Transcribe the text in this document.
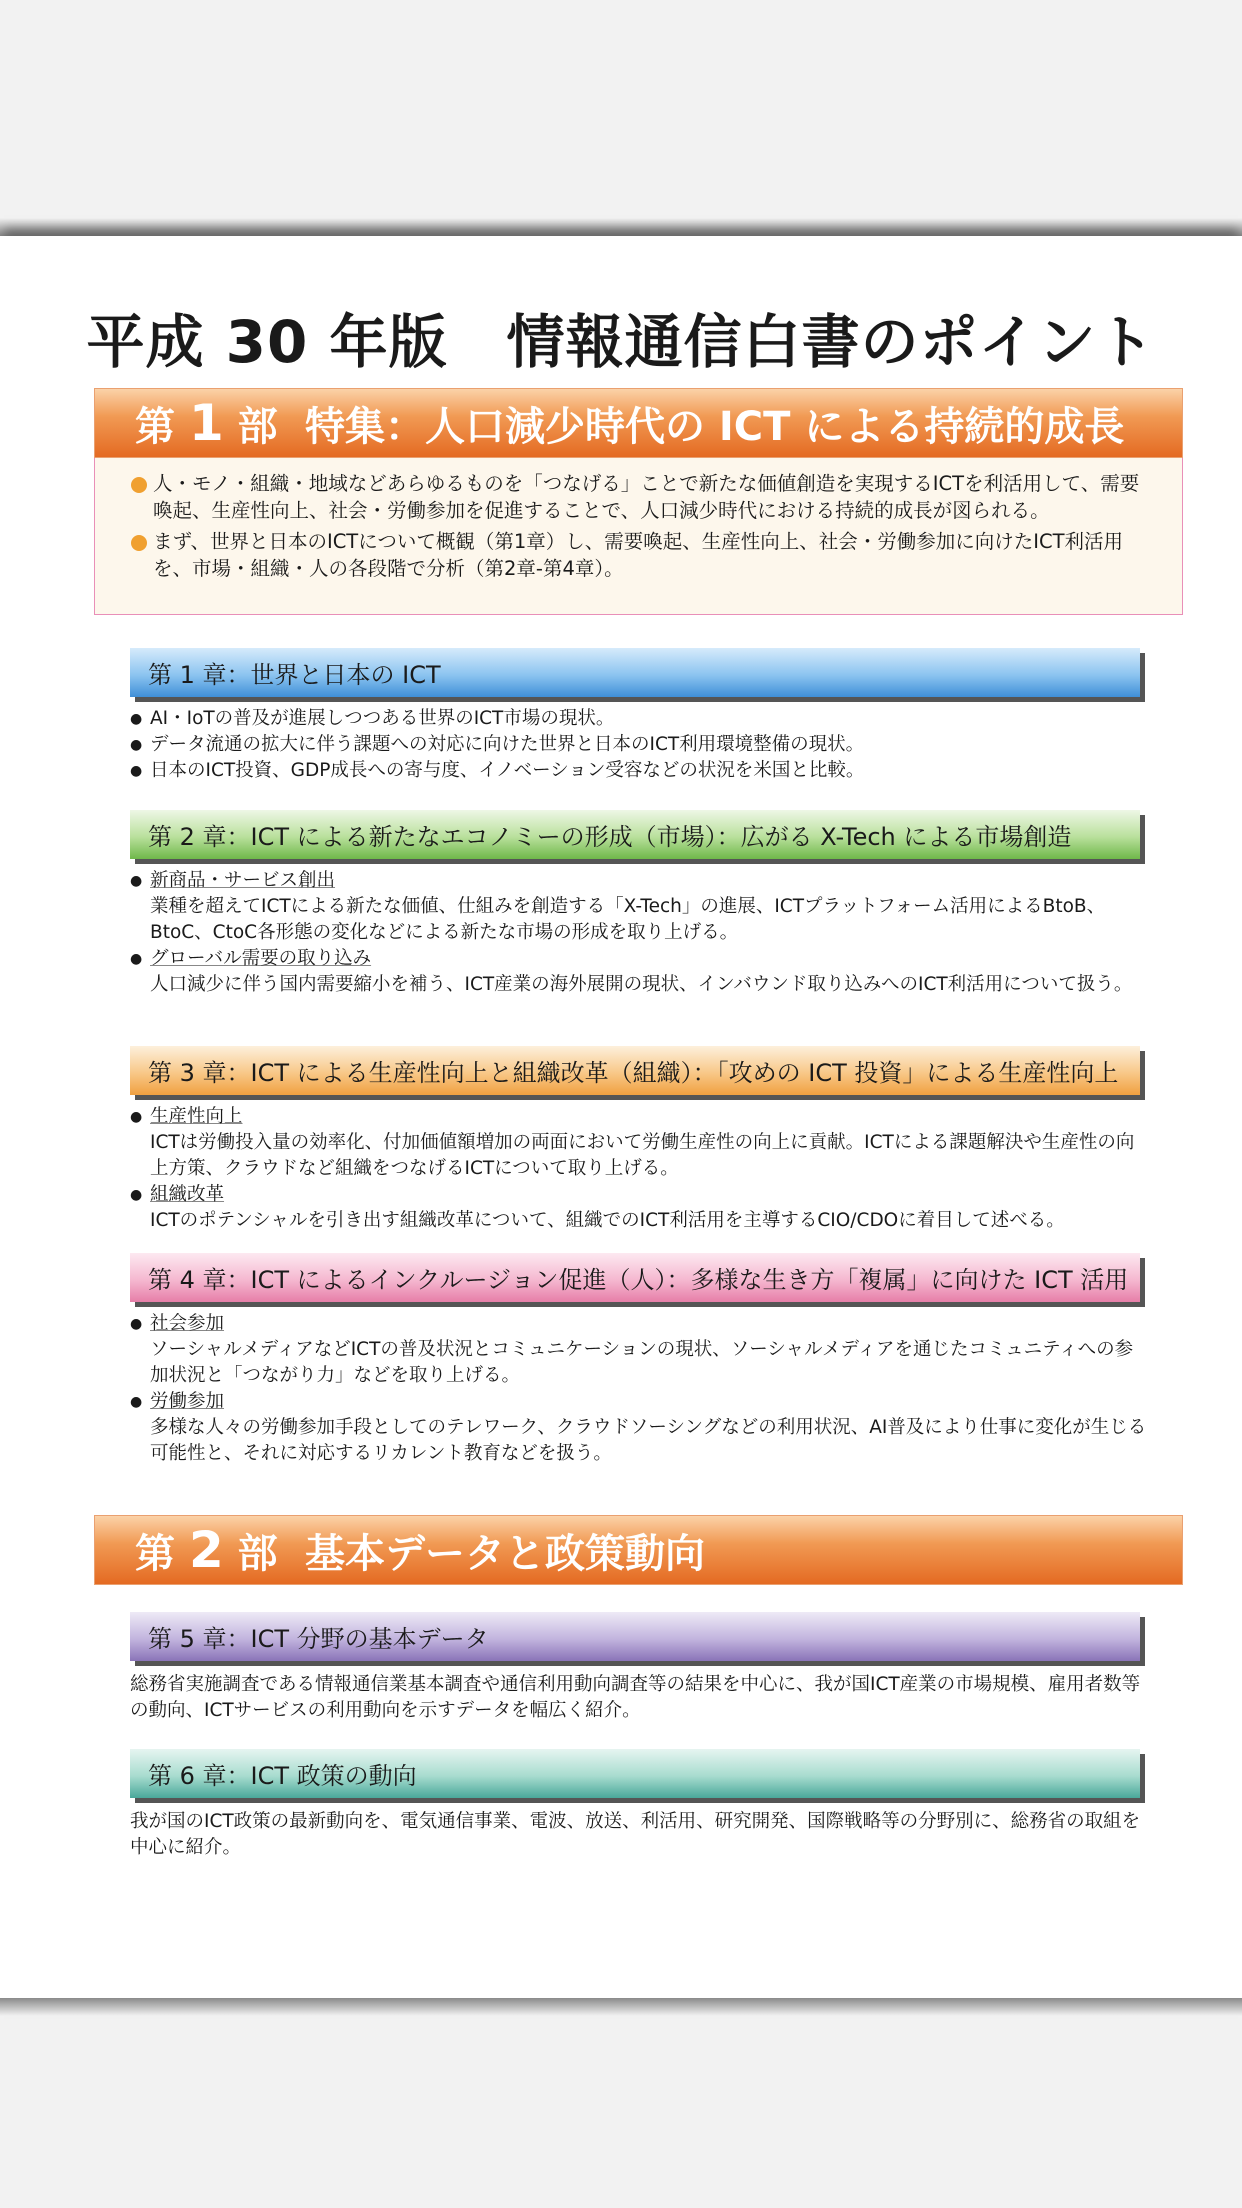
平成 30 年版　情報通信白書のポイント
第 1 部 特集：人口減少時代の ICT による持続的成長

人・モノ・組織・地域などあらゆるものを「つなげる」ことで新たな価値創造を実現するICTを利活用して、需要喚起、生産性向上、社会・労働参加を促進することで、人口減少時代における持続的成長が図られる。

まず、世界と日本のICTについて概観（第1章）し、需要喚起、生産性向上、社会・労働参加に向けたICT利活用を、市場・組織・人の各段階で分析（第2章-第4章）。

第 1 章：世界と日本の ICT
● AI・IoTの普及が進展しつつある世界のICT市場の現状。
● データ流通の拡大に伴う課題への対応に向けた世界と日本のICT利用環境整備の現状。
● 日本のICT投資、GDP成長への寄与度、イノベーション受容などの状況を米国と比較。
第 2 章：ICT による新たなエコノミーの形成（市場）：広がる X-Tech による市場創造
● 新商品・サービス創出
業種を超えてICTによる新たな価値、仕組みを創造する「X-Tech」の進展、ICTプラットフォーム活用によるBtoB、BtoC、CtoC各形態の変化などによる新たな市場の形成を取り上げる。
● グローバル需要の取り込み
人口減少に伴う国内需要縮小を補う、ICT産業の海外展開の現状、インバウンド取り込みへのICT利活用について扱う。
第 3 章：ICT による生産性向上と組織改革（組織）：「攻めの ICT 投資」による生産性向上
● 生産性向上
ICTは労働投入量の効率化、付加価値額増加の両面において労働生産性の向上に貢献。ICTによる課題解決や生産性の向上方策、クラウドなど組織をつなげるICTについて取り上げる。
● 組織改革
ICTのポテンシャルを引き出す組織改革について、組織でのICT利活用を主導するCIO/CDOに着目して述べる。
第 4 章：ICT によるインクルージョン促進（人）：多様な生き方「複属」に向けた ICT 活用
● 社会参加
ソーシャルメディアなどICTの普及状況とコミュニケーションの現状、ソーシャルメディアを通じたコミュニティへの参加状況と「つながり力」などを取り上げる。
● 労働参加
多様な人々の労働参加手段としてのテレワーク、クラウドソーシングなどの利用状況、AI普及により仕事に変化が生じる可能性と、それに対応するリカレント教育などを扱う。
第 2 部 基本データと政策動向
第 5 章：ICT 分野の基本データ
総務省実施調査である情報通信業基本調査や通信利用動向調査等の結果を中心に、我が国ICT産業の市場規模、雇用者数等の動向、ICTサービスの利用動向を示すデータを幅広く紹介。
第 6 章：ICT 政策の動向
我が国のICT政策の最新動向を、電気通信事業、電波、放送、利活用、研究開発、国際戦略等の分野別に、総務省の取組を中心に紹介。
